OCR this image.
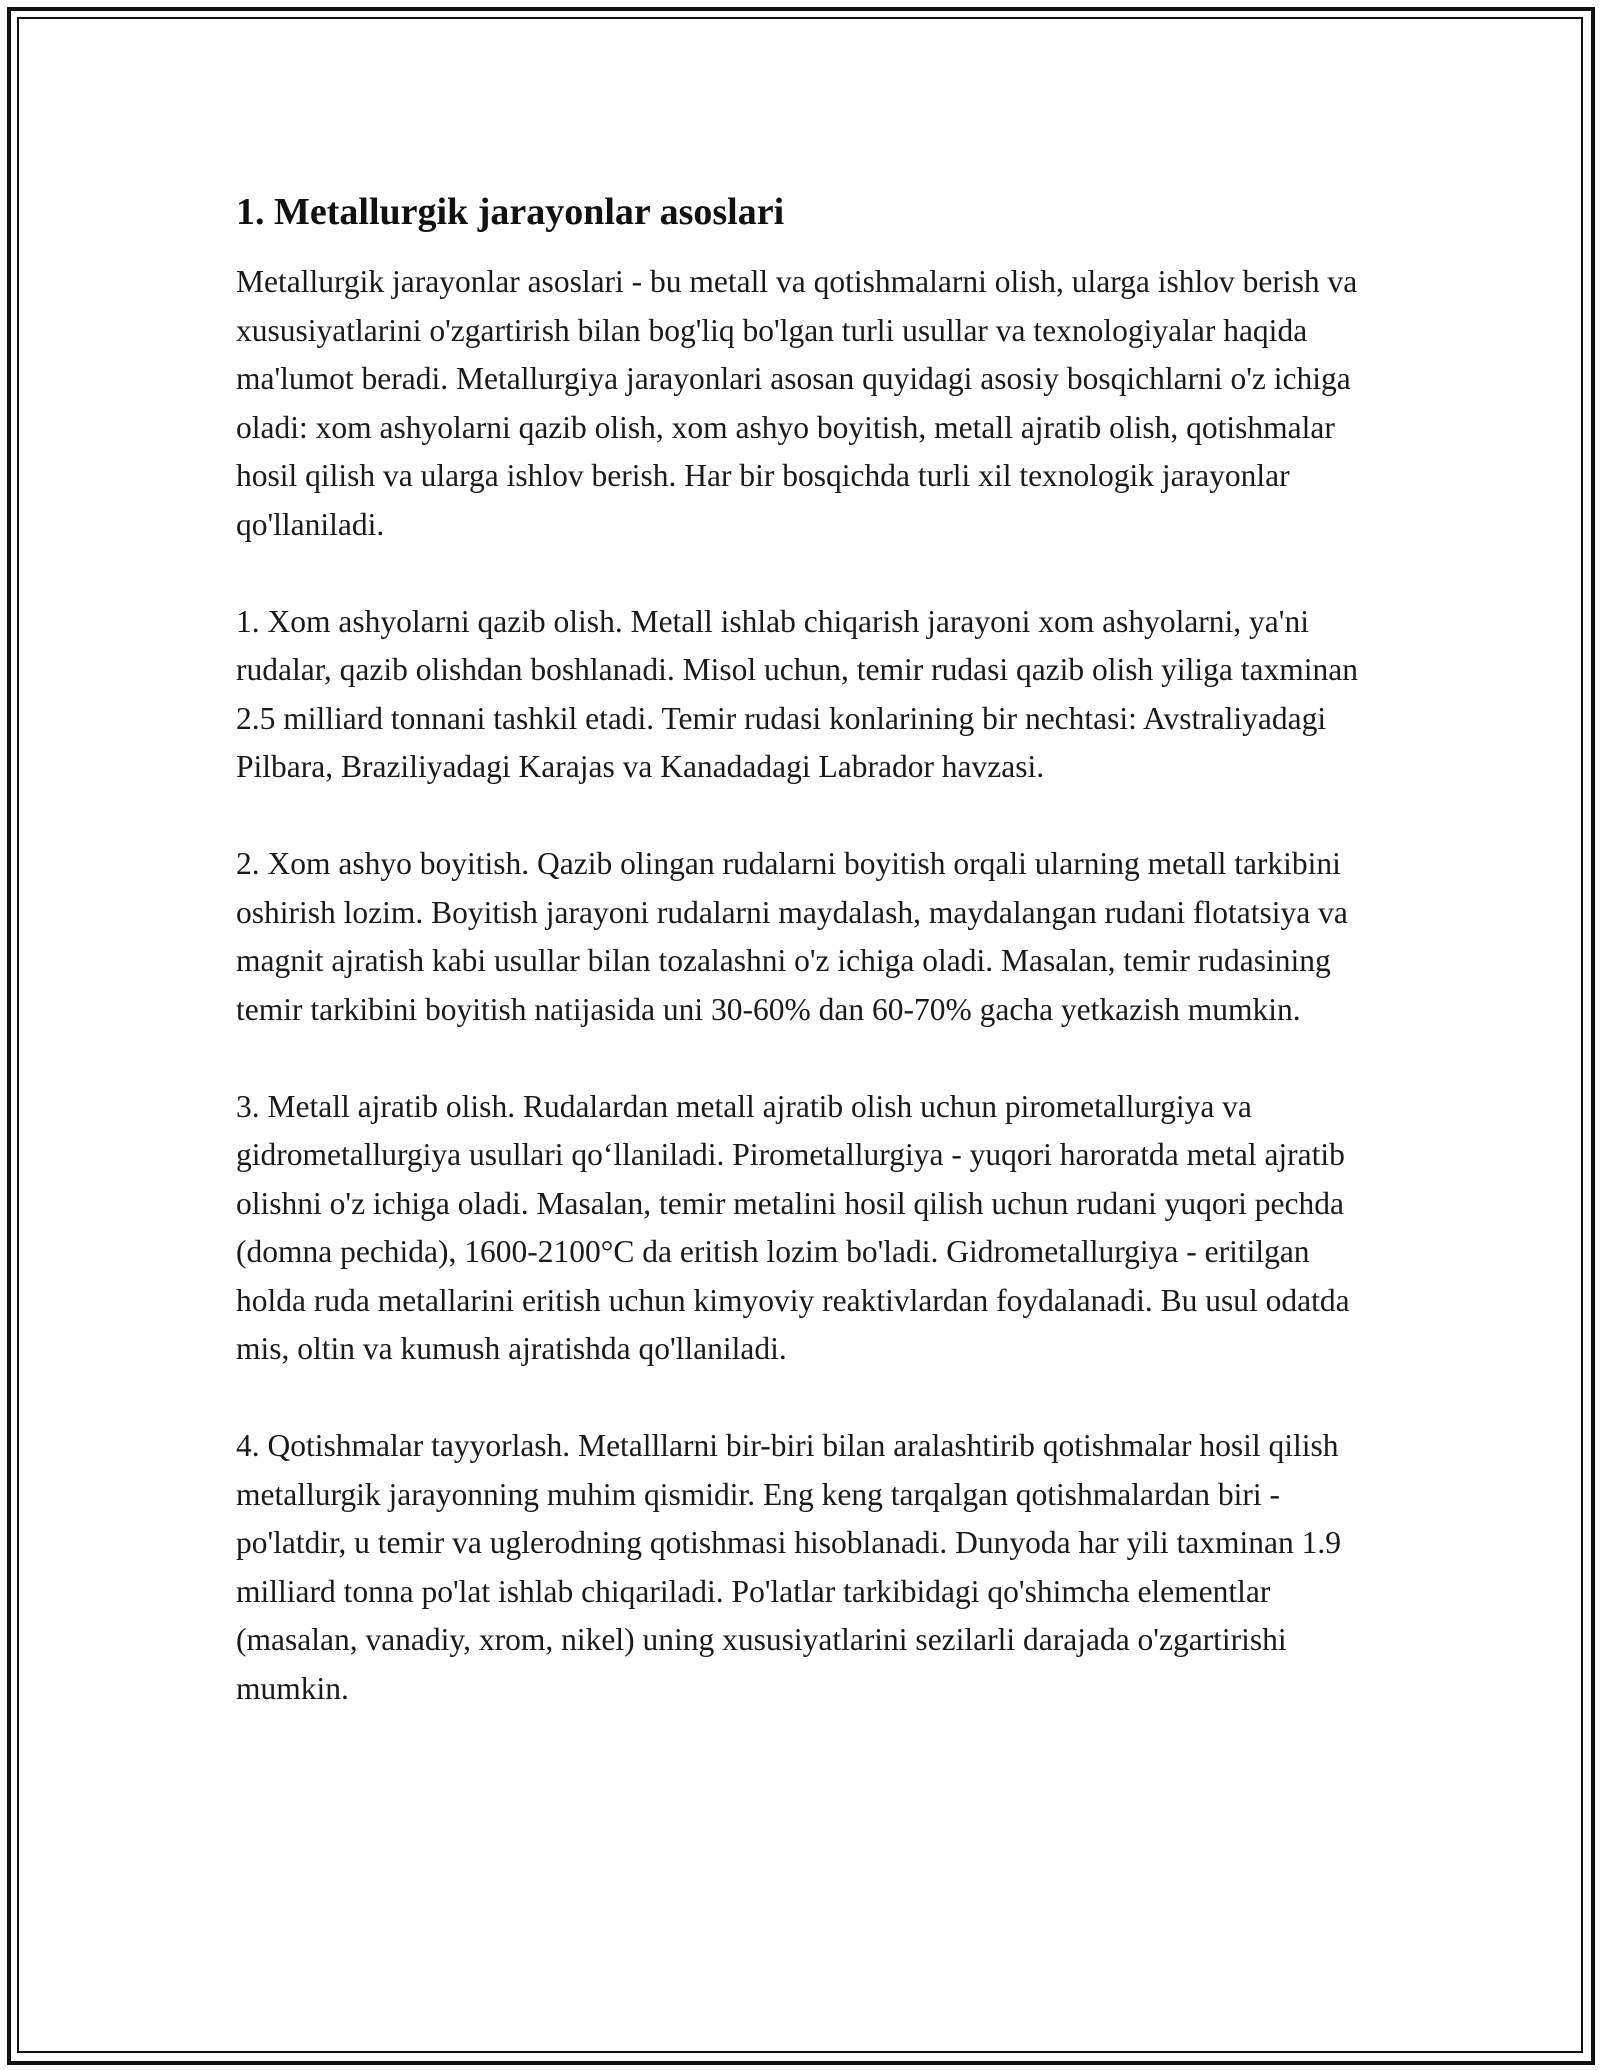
1. Metallurgik jarayonlar asoslari

Metallurgik jarayonlar asoslari - bu metall va qotishmalarni olish, ularga ishlov berish va xususiyatlarini o'zgartirish bilan bog'liq bo'lgan turli usullar va texnologiyalar haqida ma'lumot beradi. Metallurgiya jarayonlari asosan quyidagi asosiy bosqichlarni o'z ichiga oladi: xom ashyolarni qazib olish, xom ashyo boyitish, metall ajratib olish, qotishmalar hosil qilish va ularga ishlov berish. Har bir bosqichda turli xil texnologik jarayonlar qo'llaniladi.

1. Xom ashyolarni qazib olish. Metall ishlab chiqarish jarayoni xom ashyolarni, ya'ni rudalar, qazib olishdan boshlanadi. Misol uchun, temir rudasi qazib olish yiliga taxminan 2.5 milliard tonnani tashkil etadi. Temir rudasi konlarining bir nechtasi: Avstraliyadagi Pilbara, Braziliyadagi Karajas va Kanadadagi Labrador havzasi.

2. Xom ashyo boyitish. Qazib olingan rudalarni boyitish orqali ularning metall tarkibini oshirish lozim. Boyitish jarayoni rudalarni maydalash, maydalangan rudani flotatsiya va magnit ajratish kabi usullar bilan tozalashni o'z ichiga oladi. Masalan, temir rudasining temir tarkibini boyitish natijasida uni 30-60% dan 60-70% gacha yetkazish mumkin.

3. Metall ajratib olish. Rudalardan metall ajratib olish uchun pirometallurgiya va gidrometallurgiya usullari qo‘llaniladi. Pirometallurgiya - yuqori haroratda metal ajratib olishni o'z ichiga oladi. Masalan, temir metalini hosil qilish uchun rudani yuqori pechda (domna pechida), 1600-2100°C da eritish lozim bo'ladi. Gidrometallurgiya - eritilgan holda ruda metallarini eritish uchun kimyoviy reaktivlardan foydalanadi. Bu usul odatda mis, oltin va kumush ajratishda qo'llaniladi.

4. Qotishmalar tayyorlash. Metalllarni bir-biri bilan aralashtirib qotishmalar hosil qilish metallurgik jarayonning muhim qismidir. Eng keng tarqalgan qotishmalardan biri - po'latdir, u temir va uglerodning qotishmasi hisoblanadi. Dunyoda har yili taxminan 1.9 milliard tonna po'lat ishlab chiqariladi. Po'latlar tarkibidagi qo'shimcha elementlar (masalan, vanadiy, xrom, nikel) uning xususiyatlarini sezilarli darajada o'zgartirishi mumkin.
